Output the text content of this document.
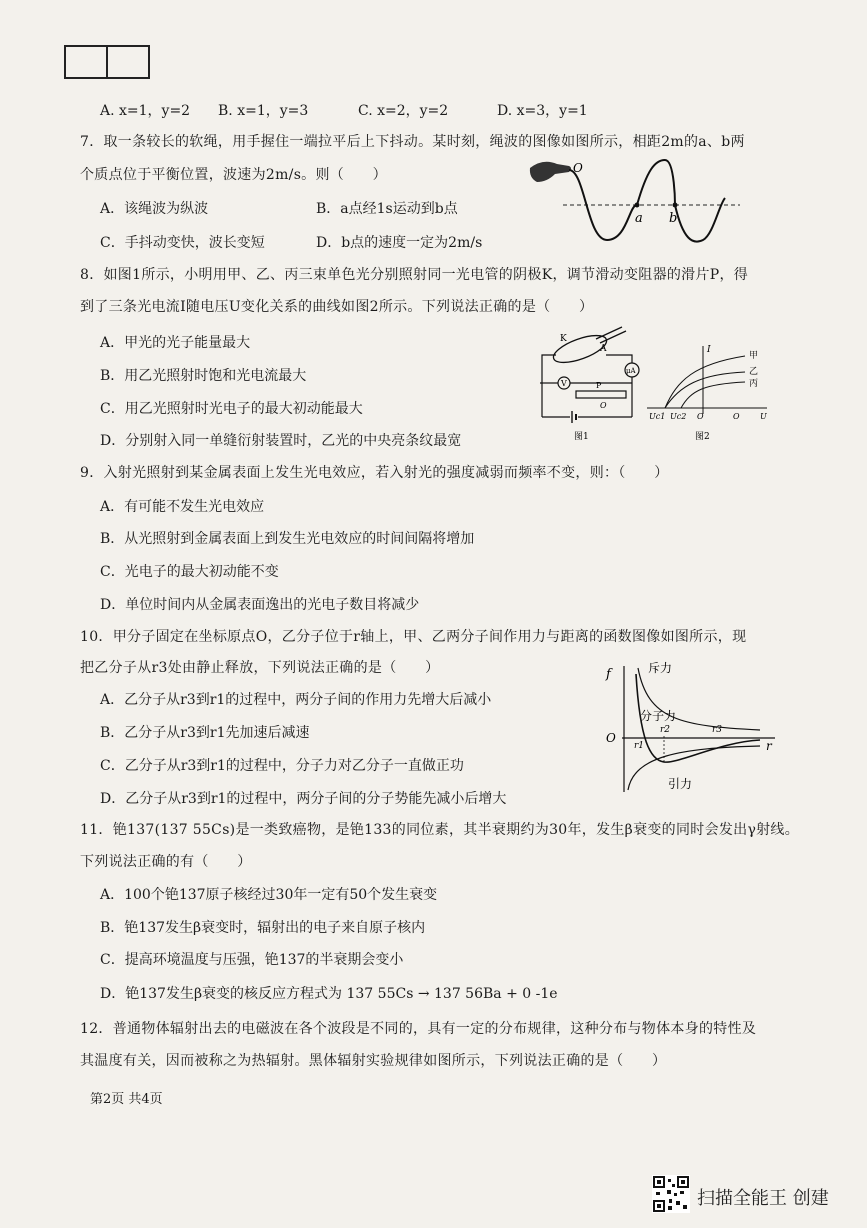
A. x=1，y=2 B. x=1，y=3	C. x=2，y=2	D. x=3，y=1
7．取一条较长的软绳，用手握住一端拉平后上下抖动。某时刻，绳波的图像如图所示，相距2m的a、b两
个质点位于平衡位置，波速为2m/s。则（　　）
A．该绳波为纵波	B．a点经1s运动到b点
C．手抖动变快，波长变短	D．b点的速度一定为2m/s
O
a b
8．如图1所示，小明用甲、乙、丙三束单色光分别照射同一光电管的阴极K，调节滑动变阻器的滑片P，得
到了三条光电流I随电压U变化关系的曲线如图2所示。下列说法正确的是（　　）
A．甲光的光子能量最大
B．用乙光照射时饱和光电流最大
C．用乙光照射时光电子的最大初动能最大
D．分别射入同一单缝衍射装置时，乙光的中央亮条纹最宽
K
A
μA
V	P
O
图1
I
甲
乙
丙
Uc1 Uc2 O	O	U
图2
9．入射光照射到某金属表面上发生光电效应，若入射光的强度减弱而频率不变，则：（　　）
A．有可能不发生光电效应
B．从光照射到金属表面上到发生光电效应的时间间隔将增加
C．光电子的最大初动能不变
D．单位时间内从金属表面逸出的光电子数目将减少
10．甲分子固定在坐标原点O，乙分子位于r轴上，甲、乙两分子间作用力与距离的函数图像如图所示，现
把乙分子从r3处由静止释放，下列说法正确的是（　　）
A．乙分子从r3到r1的过程中，两分子间的作用力先增大后减小
B．乙分子从r3到r1先加速后减速
C．乙分子从r3到r1的过程中，分子力对乙分子一直做正功
D．乙分子从r3到r1的过程中，两分子间的分子势能先减小后增大
f
O
r
斥力
分子力
引力
r1
r2	r3
11．铯137(137 55Cs)是一类致癌物，是铯133的同位素，其半衰期约为30年，发生β衰变的同时会发出γ射线。
下列说法正确的有（　　）
A．100个铯137原子核经过30年一定有50个发生衰变
B．铯137发生β衰变时，辐射出的电子来自原子核内
C．提高环境温度与压强，铯137的半衰期会变小
D．铯137发生β衰变的核反应方程式为 137 55Cs → 137 56Ba + 0 -1e
12．普通物体辐射出去的电磁波在各个波段是不同的，具有一定的分布规律，这种分布与物体本身的特性及
其温度有关，因而被称之为热辐射。黑体辐射实验规律如图所示，下列说法正确的是（　　）
第2页 共4页
扫描全能王 创建
